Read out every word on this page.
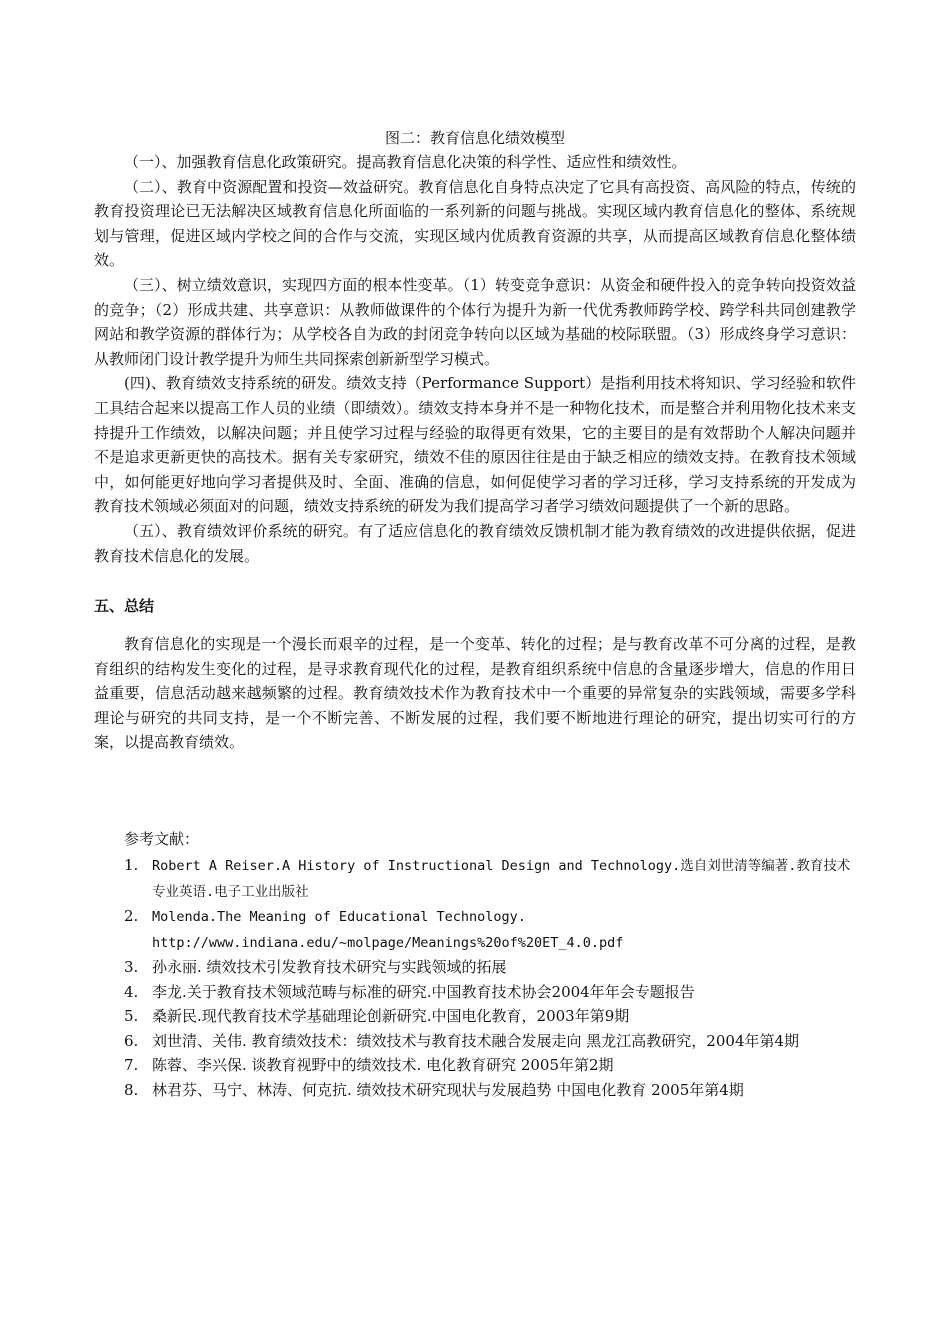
图二：教育信息化绩效模型

（一）、加强教育信息化政策研究。提高教育信息化决策的科学性、适应性和绩效性。

（二）、教育中资源配置和投资—效益研究。教育信息化自身特点决定了它具有高投资、高风险的特点，传统的教育投资理论已无法解决区域教育信息化所面临的一系列新的问题与挑战。实现区域内教育信息化的整体、系统规划与管理，促进区域内学校之间的合作与交流，实现区域内优质教育资源的共享，从而提高区域教育信息化整体绩效。

（三）、树立绩效意识，实现四方面的根本性变革。（1）转变竞争意识：从资金和硬件投入的竞争转向投资效益的竞争；（2）形成共建、共享意识：从教师做课件的个体行为提升为新一代优秀教师跨学校、跨学科共同创建教学网站和教学资源的群体行为；从学校各自为政的封闭竞争转向以区域为基础的校际联盟。（3）形成终身学习意识：从教师闭门设计教学提升为师生共同探索创新新型学习模式。

(四)、教育绩效支持系统的研发。绩效支持（Performance Support）是指利用技术将知识、学习经验和软件工具结合起来以提高工作人员的业绩（即绩效）。绩效支持本身并不是一种物化技术，而是整合并利用物化技术来支持提升工作绩效，以解决问题；并且使学习过程与经验的取得更有效果，它的主要目的是有效帮助个人解决问题并不是追求更新更快的高技术。据有关专家研究，绩效不佳的原因往往是由于缺乏相应的绩效支持。在教育技术领域中，如何能更好地向学习者提供及时、全面、准确的信息，如何促使学习者的学习迁移，学习支持系统的开发成为教育技术领域必须面对的问题，绩效支持系统的研发为我们提高学习者学习绩效问题提供了一个新的思路。

（五）、教育绩效评价系统的研究。有了适应信息化的教育绩效反馈机制才能为教育绩效的改进提供依据，促进教育技术信息化的发展。

五、总结

教育信息化的实现是一个漫长而艰辛的过程，是一个变革、转化的过程；是与教育改革不可分离的过程，是教育组织的结构发生变化的过程，是寻求教育现代化的过程，是教育组织系统中信息的含量逐步增大，信息的作用日益重要，信息活动越来越频繁的过程。教育绩效技术作为教育技术中一个重要的异常复杂的实践领域，需要多学科理论与研究的共同支持，是一个不断完善、不断发展的过程，我们要不断地进行理论的研究，提出切实可行的方案，以提高教育绩效。

参考文献：

1. Robert A Reiser.A History of Instructional Design and Technology.选自刘世清等编著.教育技术专业英语.电子工业出版社
2. Molenda.The Meaning of Educational Technology. http://www.indiana.edu/~molpage/Meanings%20of%20ET_4.0.pdf
3. 孙永丽. 绩效技术引发教育技术研究与实践领域的拓展
4. 李龙.关于教育技术领域范畴与标准的研究.中国教育技术协会2004年年会专题报告
5. 桑新民.现代教育技术学基础理论创新研究.中国电化教育，2003年第9期
6. 刘世清、关伟. 教育绩效技术：绩效技术与教育技术融合发展走向 黑龙江高教研究，2004年第4期
7. 陈蓉、李兴保. 谈教育视野中的绩效技术. 电化教育研究 2005年第2期
8. 林君芬、马宁、林涛、何克抗. 绩效技术研究现状与发展趋势 中国电化教育 2005年第4期
